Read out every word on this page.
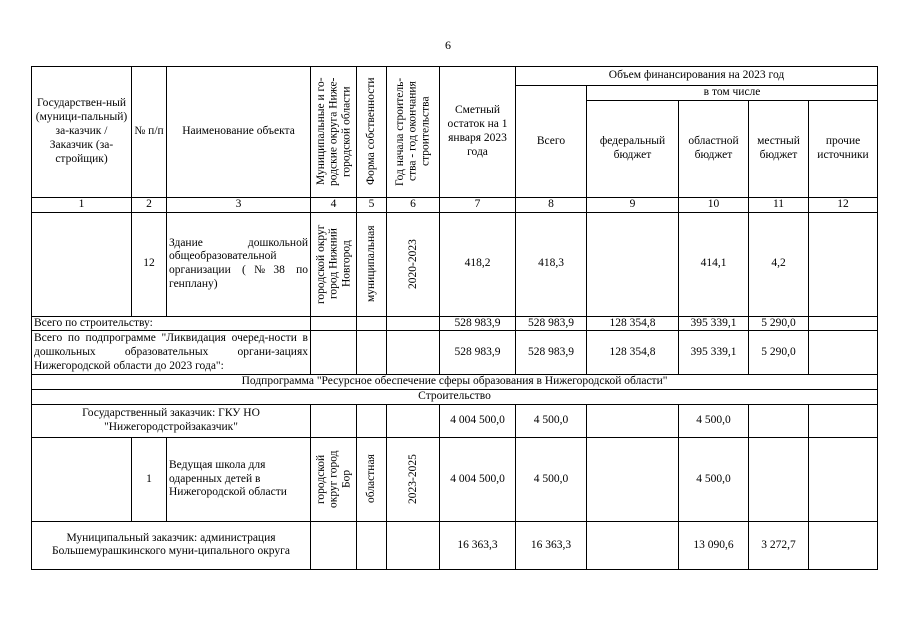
6
Государствен-ный (муници-пальный) за-казчик / Заказчик (за-стройщик)	№ п/п	Наименование объекта	Муниципальные и го-родские округа Ниже-городской области	Форма собственности	Год начала строитель-ства - год окончания строительства	Сметный остаток на 1 января 2023 года	Объем финансирования на 2023 год				
							Всего	в том числе			
								федеральный бюджет	областной бюджет	местный бюджет	прочие источники
1	2	3	4	5	6	7	8	9	10	11	12
	12	Здание дошкольной общеобразовательной организации (№38 по генплану)	городской округ город Нижний Новгород	муниципальная	2020-2023	418,2	418,3		414,1	4,2	
Всего по строительству:						528 983,9	528 983,9	128 354,8	395 339,1	5 290,0	
Всего по подпрограмме "Ликвидация очеред-ности в дошкольных образовательных органи-зациях Нижегородской области до 2023 года":						528 983,9	528 983,9	128 354,8	395 339,1	5 290,0	
Подпрограмма "Ресурсное обеспечение сферы образования в Нижегородской области"											
Строительство											
Государственный заказчик: ГКУ НО "Нижегородстройзаказчик"						4 004 500,0	4 500,0		4 500,0		
	1	Ведущая школа для одаренных детей в Нижегородской области	городской округ город Бор	областная	2023-2025	4 004 500,0	4 500,0		4 500,0		
Муниципальный заказчик: администрация Большемурашкинского муни-ципального округа						16 363,3	16 363,3		13 090,6	3 272,7	
